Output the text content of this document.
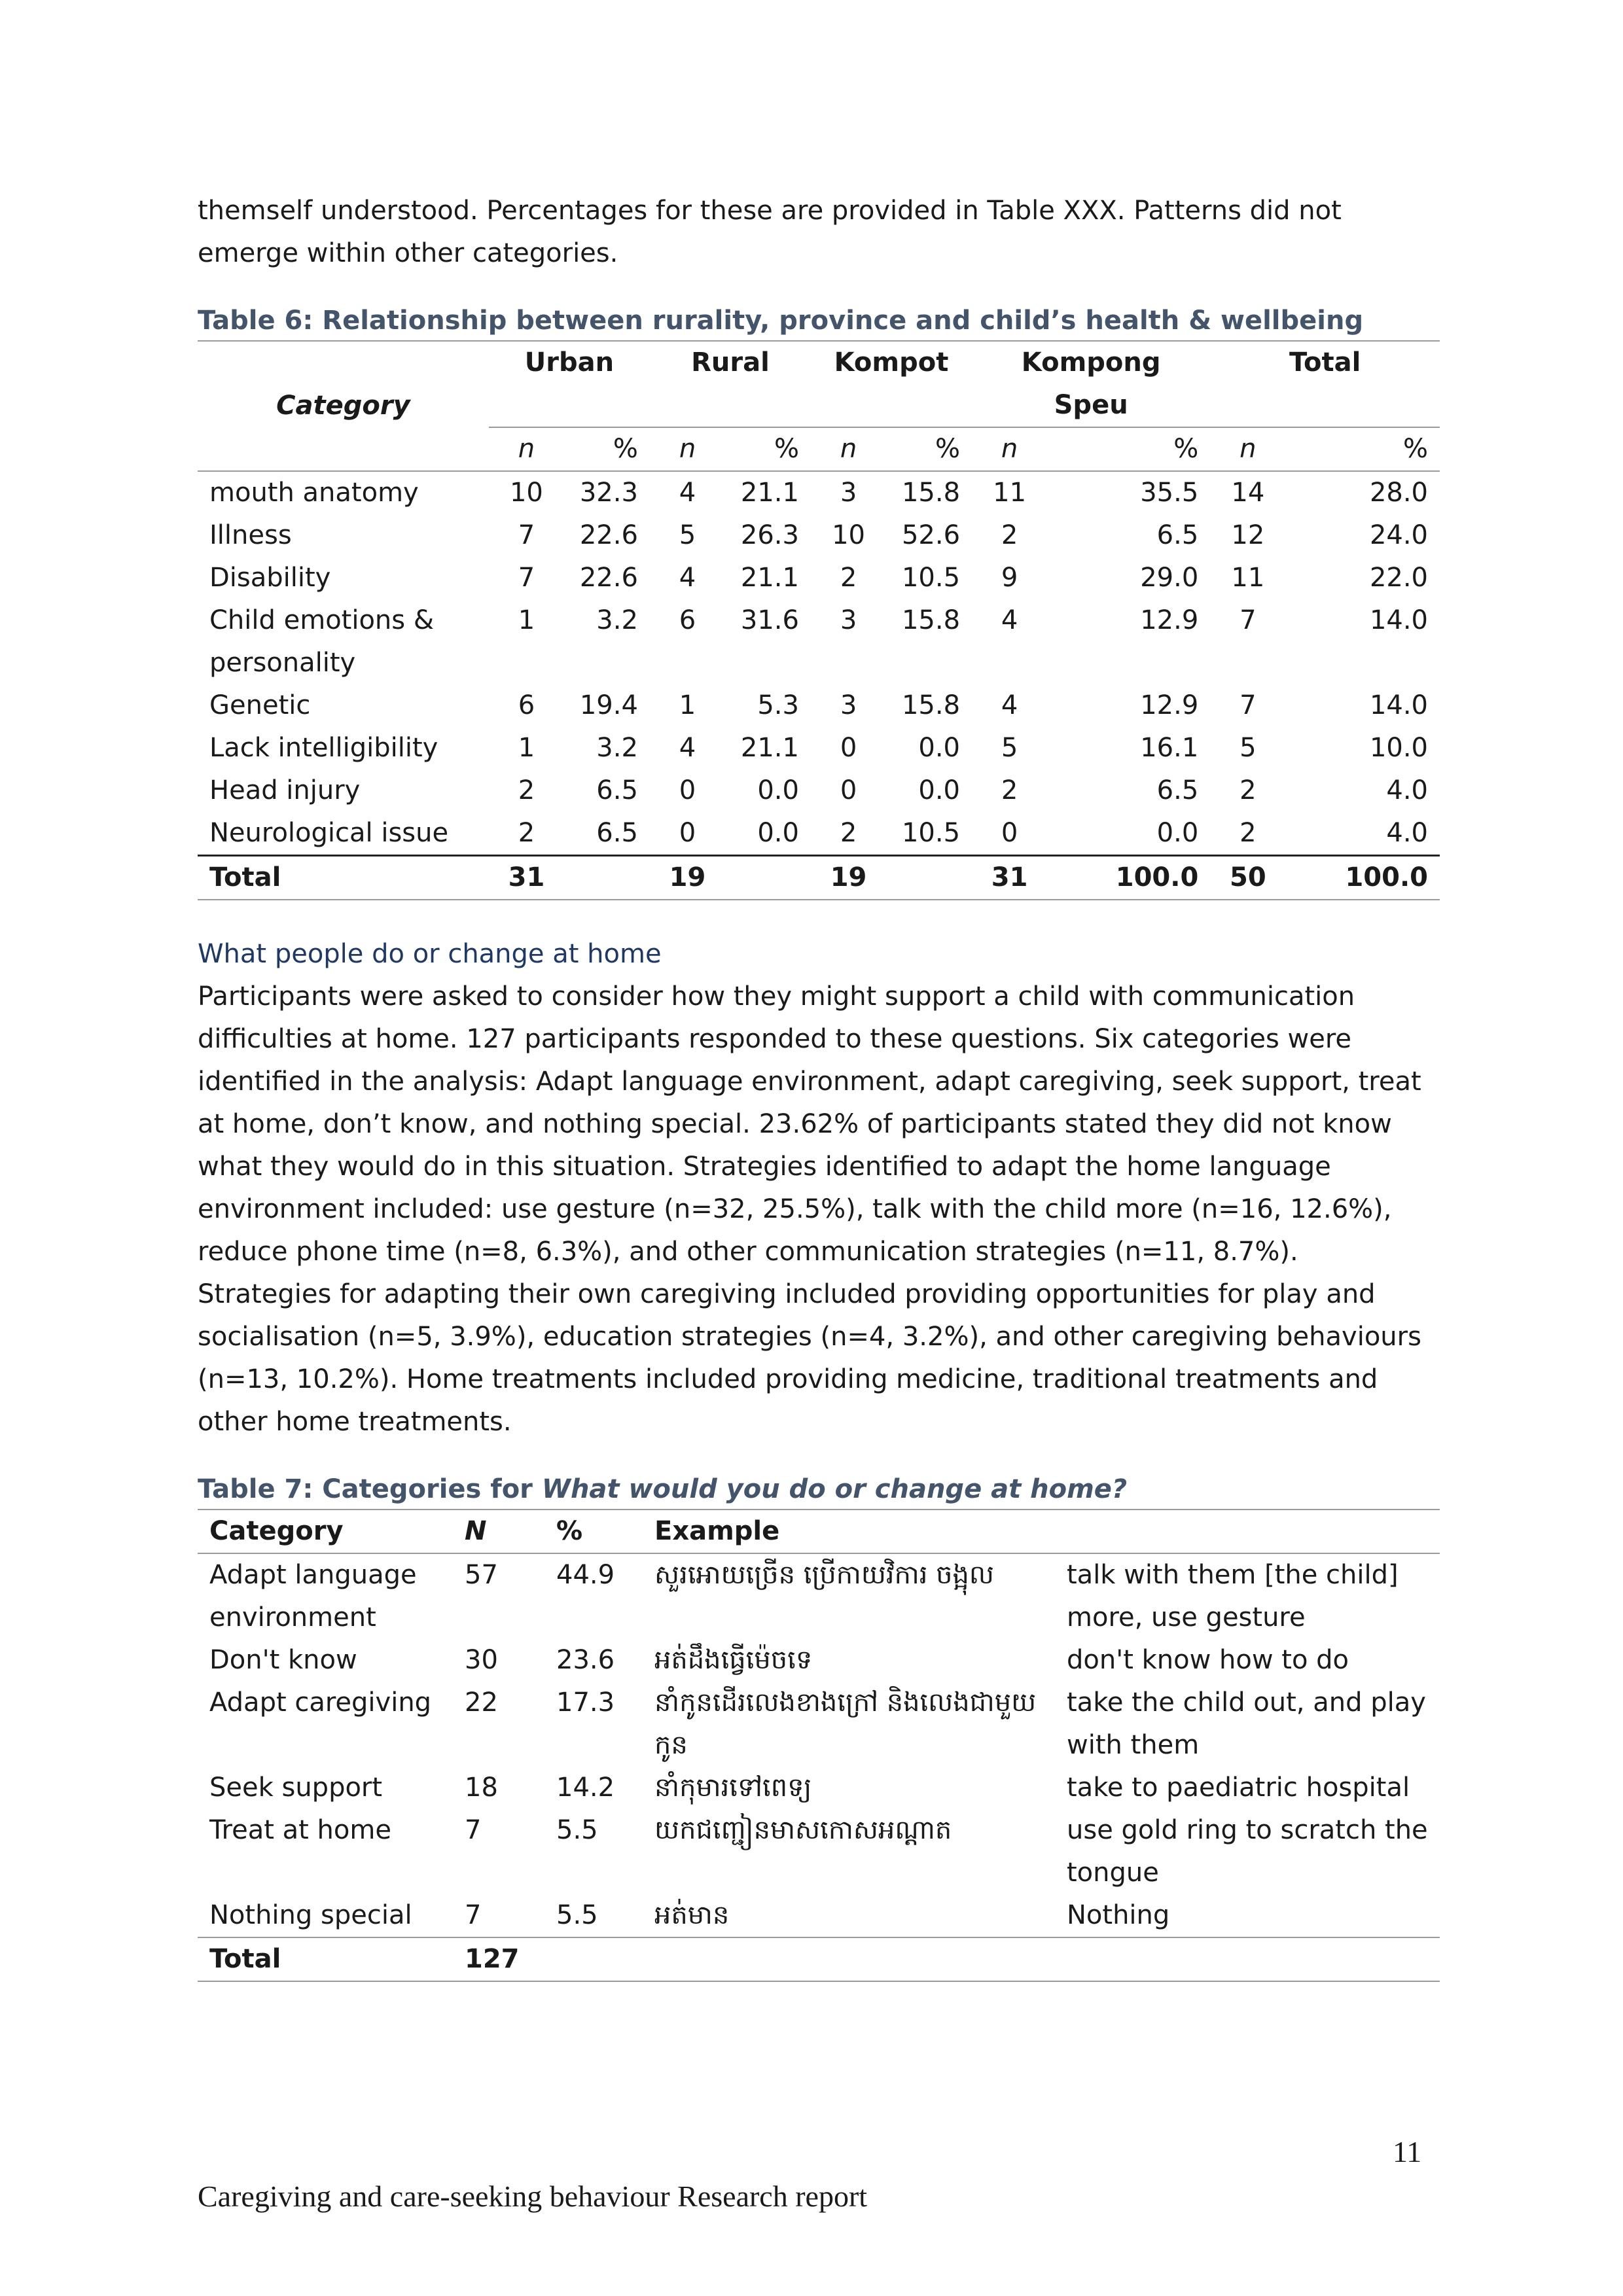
themself understood. Percentages for these are provided in Table XXX. Patterns did not emerge within other categories.

Table 6: Relationship between rurality, province and child’s health & wellbeing
Category	Urban		Rural		Kompot		Kompong Speu		Total	
	n	%	n	%	n	%	n	%	n	%
mouth anatomy	10	32.3	4	21.1	3	15.8	11	35.5	14	28.0
Illness	7	22.6	5	26.3	10	52.6	2	6.5	12	24.0
Disability	7	22.6	4	21.1	2	10.5	9	29.0	11	22.0
Child emotions & personality	1	3.2	6	31.6	3	15.8	4	12.9	7	14.0
Genetic	6	19.4	1	5.3	3	15.8	4	12.9	7	14.0
Lack intelligibility	1	3.2	4	21.1	0	0.0	5	16.1	5	10.0
Head injury	2	6.5	0	0.0	0	0.0	2	6.5	2	4.0
Neurological issue	2	6.5	0	0.0	2	10.5	0	0.0	2	4.0
Total	31		19		19		31	100.0	50	100.0
What people do or change at home

Participants were asked to consider how they might support a child with communication difficulties at home. 127 participants responded to these questions. Six categories were identified in the analysis: Adapt language environment, adapt caregiving, seek support, treat at home, don’t know, and nothing special. 23.62% of participants stated they did not know what they would do in this situation. Strategies identified to adapt the home language environment included: use gesture (n=32, 25.5%), talk with the child more (n=16, 12.6%), reduce phone time (n=8, 6.3%), and other communication strategies (n=11, 8.7%). Strategies for adapting their own caregiving included providing opportunities for play and socialisation (n=5, 3.9%), education strategies (n=4, 3.2%), and other caregiving behaviours (n=13, 10.2%). Home treatments included providing medicine, traditional treatments and other home treatments.

Table 7: Categories for What would you do or change at home?
Category	N	%	Example	
Adapt language environment	57	44.9	សួរអោយច្រើន ប្រើកាយវិការ ចង្អុល	talk with them [the child] more, use gesture
Don't know	30	23.6	អត់ដឹងធ្វើម៉េចទេ	don't know how to do
Adapt caregiving	22	17.3	នាំកូនដើរលេងខាងក្រៅ និងលេងជាមួយកូន	take the child out, and play with them
Seek support	18	14.2	នាំកុមារទៅពេទ្យ	take to paediatric hospital
Treat at home	7	5.5	យកជញ្ជៀនមាសកោសអណ្តាត	use gold ring to scratch the tongue
Nothing special	7	5.5	អត់មាន	Nothing
Total	127			
11
Caregiving and care-seeking behaviour Research report
